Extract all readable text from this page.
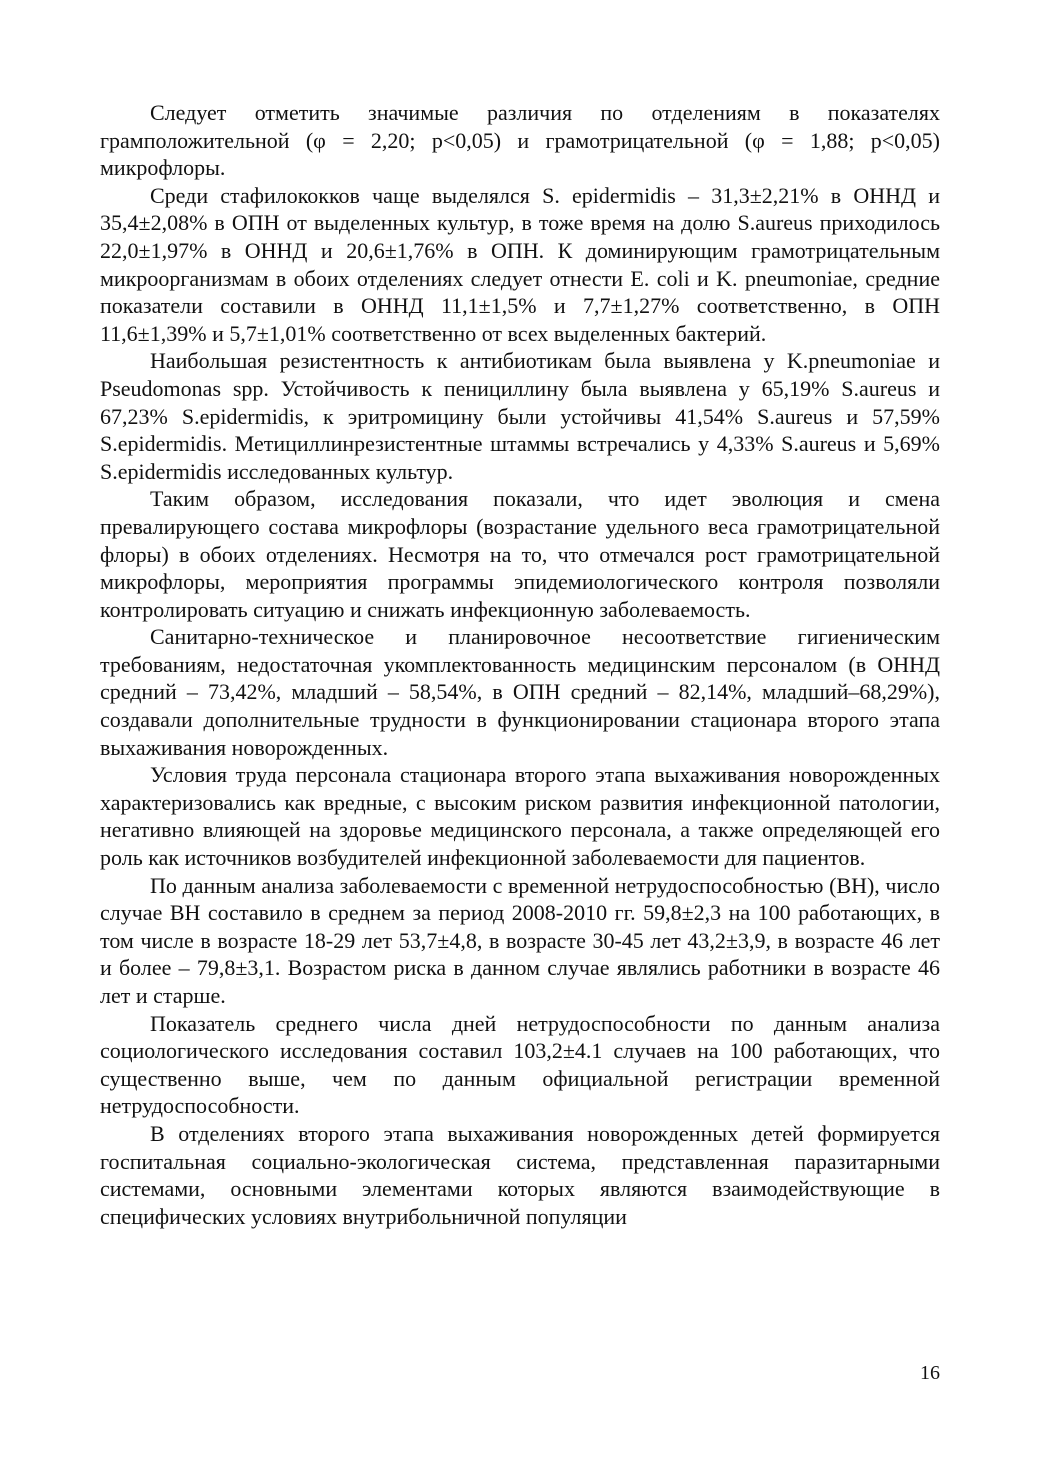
Следует отметить значимые различия по отделениям в показателях грамположительной (φ = 2,20; p<0,05) и грамотрицательной (φ = 1,88; p<0,05) микрофлоры.

Среди стафилококков чаще выделялся S. epidermidis – 31,3±2,21% в ОННД и 35,4±2,08% в ОПН от выделенных культур, в тоже время на долю S.aureus приходилось 22,0±1,97% в ОННД и 20,6±1,76% в ОПН. К доминирующим грамотрицательным микроорганизмам в обоих отделениях следует отнести E. coli и K. pneumoniae, средние показатели составили в ОННД 11,1±1,5% и 7,7±1,27% соответственно, в ОПН 11,6±1,39% и 5,7±1,01% соответственно от всех выделенных бактерий.

Наибольшая резистентность к антибиотикам была выявлена у K.pneumoniae и Pseudomonas spp. Устойчивость к пенициллину была выявлена у 65,19% S.aureus и 67,23% S.epidermidis, к эритромицину были устойчивы 41,54% S.aureus и 57,59% S.epidermidis. Метициллинрезистентные штаммы встречались у 4,33% S.aureus и 5,69% S.epidermidis исследованных культур.

Таким образом, исследования показали, что идет эволюция и смена превалирующего состава микрофлоры (возрастание удельного веса грамотрицательной флоры) в обоих отделениях. Несмотря на то, что отмечался рост грамотрицательной микрофлоры, мероприятия программы эпидемиологического контроля позволяли контролировать ситуацию и снижать инфекционную заболеваемость.

Санитарно-техническое и планировочное несоответствие гигиеническим требованиям, недостаточная укомплектованность медицинским персоналом (в ОННД средний – 73,42%, младший – 58,54%, в ОПН средний – 82,14%, младший–68,29%), создавали дополнительные трудности в функционировании стационара второго этапа выхаживания новорожденных.

Условия труда персонала стационара второго этапа выхаживания новорожденных характеризовались как вредные, с высоким риском развития инфекционной патологии, негативно влияющей на здоровье медицинского персонала, а также определяющей его роль как источников возбудителей инфекционной заболеваемости для пациентов.

По данным анализа заболеваемости с временной нетрудоспособностью (ВН), число случае ВН составило в среднем за период 2008-2010 гг. 59,8±2,3 на 100 работающих, в том числе в возрасте 18-29 лет 53,7±4,8, в возрасте 30-45 лет 43,2±3,9, в возрасте 46 лет и более – 79,8±3,1. Возрастом риска в данном случае являлись работники в возрасте 46 лет и старше.

Показатель среднего числа дней нетрудоспособности по данным анализа социологического исследования составил 103,2±4.1 случаев на 100 работающих, что существенно выше, чем по данным официальной регистрации временной нетрудоспособности.

В отделениях второго этапа выхаживания новорожденных детей формируется госпитальная социально-экологическая система, представленная паразитарными системами, основными элементами которых являются взаимодействующие в специфических условиях внутрибольничной популяции

16
